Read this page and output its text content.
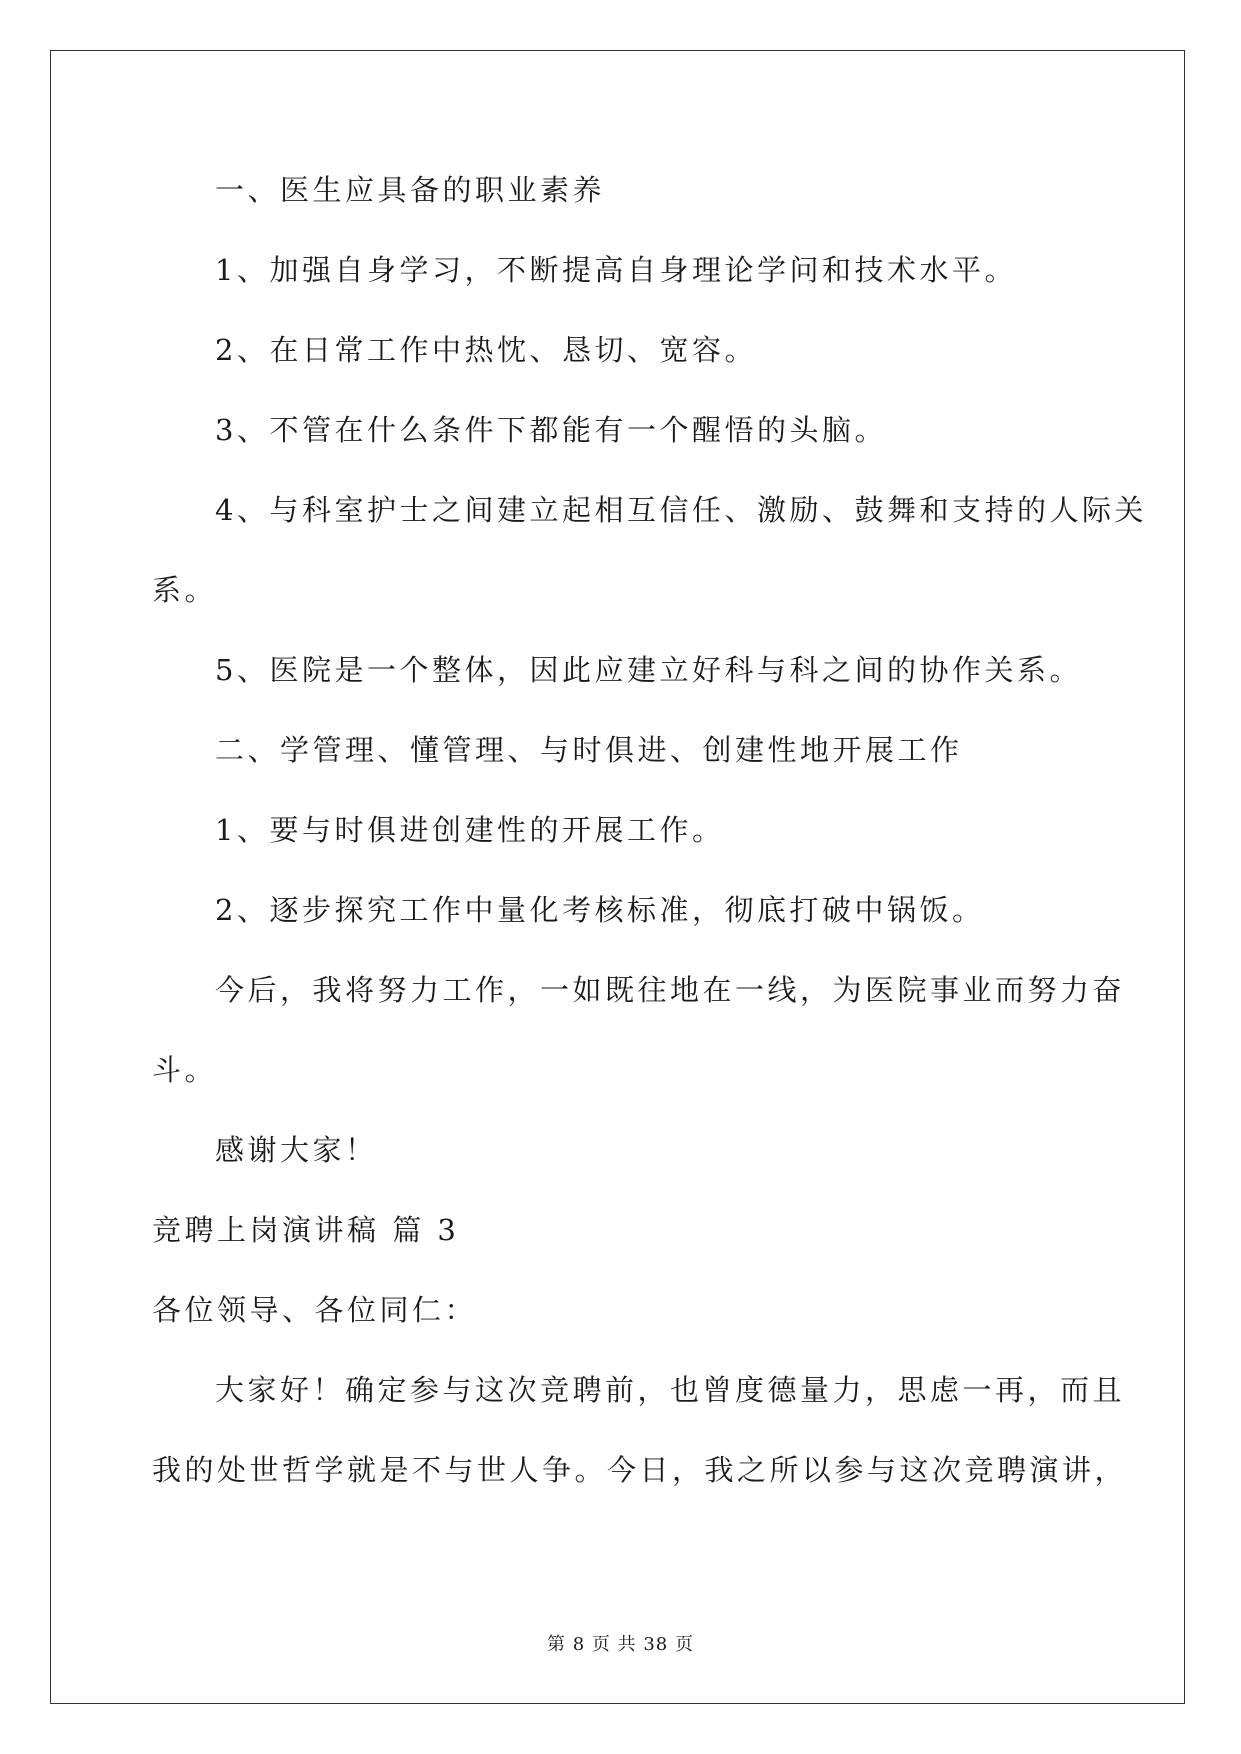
一、医生应具备的职业素养
1、加强自身学习，不断提高自身理论学问和技术水平。
2、在日常工作中热忱、恳切、宽容。
3、不管在什么条件下都能有一个醒悟的头脑。
4、与科室护士之间建立起相互信任、激励、鼓舞和支持的人际关
系。
5、医院是一个整体，因此应建立好科与科之间的协作关系。
二、学管理、懂管理、与时俱进、创建性地开展工作
1、要与时俱进创建性的开展工作。
2、逐步探究工作中量化考核标准，彻底打破中锅饭。
今后，我将努力工作，一如既往地在一线，为医院事业而努力奋
斗。
感谢大家！
竞聘上岗演讲稿 篇 3
各位领导、各位同仁：
大家好！确定参与这次竞聘前，也曾度德量力，思虑一再，而且
我的处世哲学就是不与世人争。今日，我之所以参与这次竞聘演讲，
第 8 页 共 38 页
